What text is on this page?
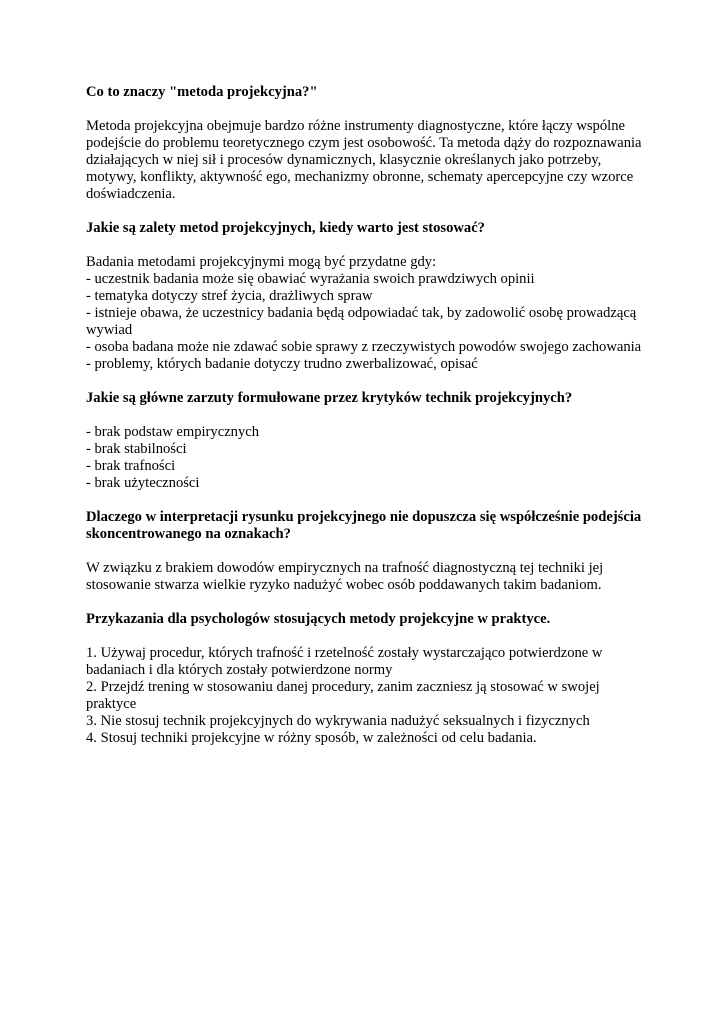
Co to znaczy "metoda projekcyjna?"

Metoda projekcyjna obejmuje bardzo różne instrumenty diagnostyczne, które łączy wspólne podejście do problemu teoretycznego czym jest osobowość. Ta metoda dąży do rozpoznawania działających w niej sił i procesów dynamicznych, klasycznie określanych jako potrzeby, motywy, konflikty, aktywność ego, mechanizmy obronne, schematy apercepcyjne czy wzorce doświadczenia.

Jakie są zalety metod projekcyjnych, kiedy warto jest stosować?

Badania metodami projekcyjnymi mogą być przydatne gdy:

- uczestnik badania może się obawiać wyrażania swoich prawdziwych opinii
- tematyka dotyczy stref życia, drażliwych spraw
- istnieje obawa, że uczestnicy badania będą odpowiadać tak, by zadowolić osobę prowadzącą wywiad
- osoba badana może nie zdawać sobie sprawy z rzeczywistych powodów swojego zachowania
- problemy, których badanie dotyczy trudno zwerbalizować, opisać

Jakie są główne zarzuty formułowane przez krytyków technik projekcyjnych?

- brak podstaw empirycznych
- brak stabilności
- brak trafności
- brak użyteczności

Dlaczego w interpretacji rysunku projekcyjnego nie dopuszcza się współcześnie podejścia skoncentrowanego na oznakach?

W związku z brakiem dowodów empirycznych na trafność diagnostyczną tej techniki jej stosowanie stwarza wielkie ryzyko nadużyć wobec osób poddawanych takim badaniom.

Przykazania dla psychologów stosujących metody projekcyjne w praktyce.

1. Używaj procedur, których trafność i rzetelność zostały wystarczająco potwierdzone w badaniach i dla których zostały potwierdzone normy
2. Przejdź trening w stosowaniu danej procedury, zanim zaczniesz ją stosować w swojej praktyce
3. Nie stosuj technik projekcyjnych do wykrywania nadużyć seksualnych i fizycznych
4. Stosuj techniki projekcyjne w różny sposób, w zależności od celu badania.
